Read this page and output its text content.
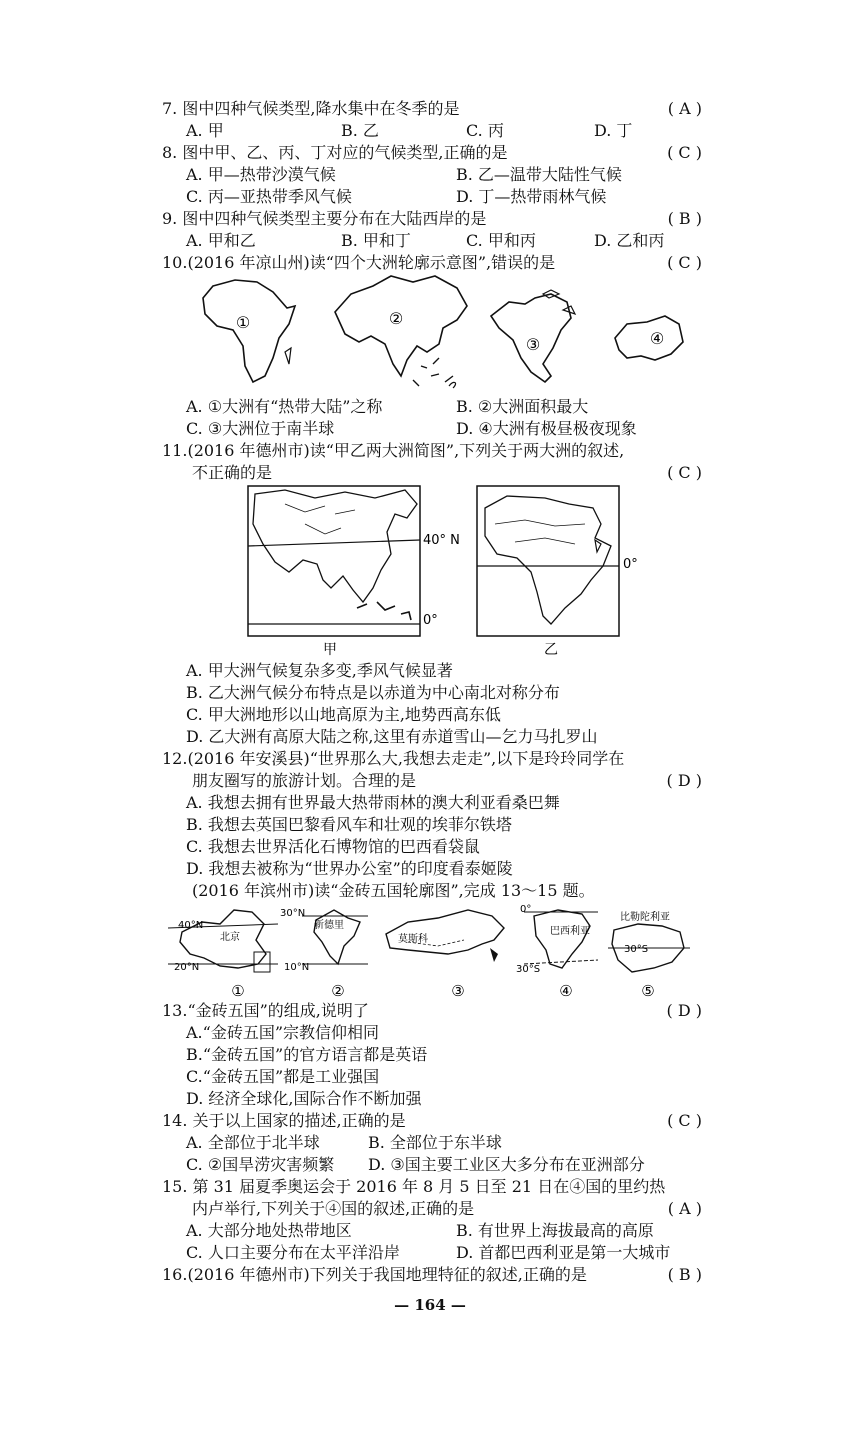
7. 图中四种气候类型,降水集中在冬季的是	( A )
A. 甲	B. 乙	C. 丙	D. 丁
8. 图中甲、乙、丙、丁对应的气候类型,正确的是	( C )
A. 甲—热带沙漠气候	B. 乙—温带大陆性气候
C. 丙—亚热带季风气候	D. 丁—热带雨林气候
9. 图中四种气候类型主要分布在大陆西岸的是	( B )
A. 甲和乙	B. 甲和丁	C. 甲和丙	D. 乙和丙
10.(2016 年凉山州)读“四个大洲轮廓示意图”,错误的是	( C )
①	②
③	④
A. ①大洲有“热带大陆”之称	B. ②大洲面积最大
C. ③大洲位于南半球	D. ④大洲有极昼极夜现象
11.(2016 年德州市)读“甲乙两大洲简图”,下列关于两大洲的叙述,
( C )
不正确的是
40° N
0°
甲
0°
乙
A. 甲大洲气候复杂多变,季风气候显著
B. 乙大洲气候分布特点是以赤道为中心南北对称分布
C. 甲大洲地形以山地高原为主,地势西高东低
D. 乙大洲有高原大陆之称,这里有赤道雪山—乞力马扎罗山
12.(2016 年安溪县)“世界那么大,我想去走走”,以下是玲玲同学在
( D )
朋友圈写的旅游计划。合理的是
A. 我想去拥有世界最大热带雨林的澳大利亚看桑巴舞
B. 我想去英国巴黎看风车和壮观的埃菲尔铁塔
C. 我想去世界活化石博物馆的巴西看袋鼠
D. 我想去被称为“世界办公室”的印度看泰姬陵
(2016 年滨州市)读“金砖五国轮廓图”,完成 13～15 题。
40°N
北京
20°N
①
30°N
新德里
10°N
②
莫斯科
③
0°
巴西利亚
30°S
④
比勒陀利亚
30°S
⑤
13.“金砖五国”的组成,说明了	( D )
A.“金砖五国”宗教信仰相同
B.“金砖五国”的官方语言都是英语
C.“金砖五国”都是工业强国
D. 经济全球化,国际合作不断加强
14. 关于以上国家的描述,正确的是	( C )
A. 全部位于北半球	B. 全部位于东半球
C. ②国旱涝灾害频繁	D. ③国主要工业区大多分布在亚洲部分
15. 第 31 届夏季奥运会于 2016 年 8 月 5 日至 21 日在④国的里约热
( A )
内卢举行,下列关于④国的叙述,正确的是
A. 大部分地处热带地区	B. 有世界上海拔最高的高原
C. 人口主要分布在太平洋沿岸	D. 首都巴西利亚是第一大城市
16.(2016 年德州市)下列关于我国地理特征的叙述,正确的是	( B )
— 164 —
